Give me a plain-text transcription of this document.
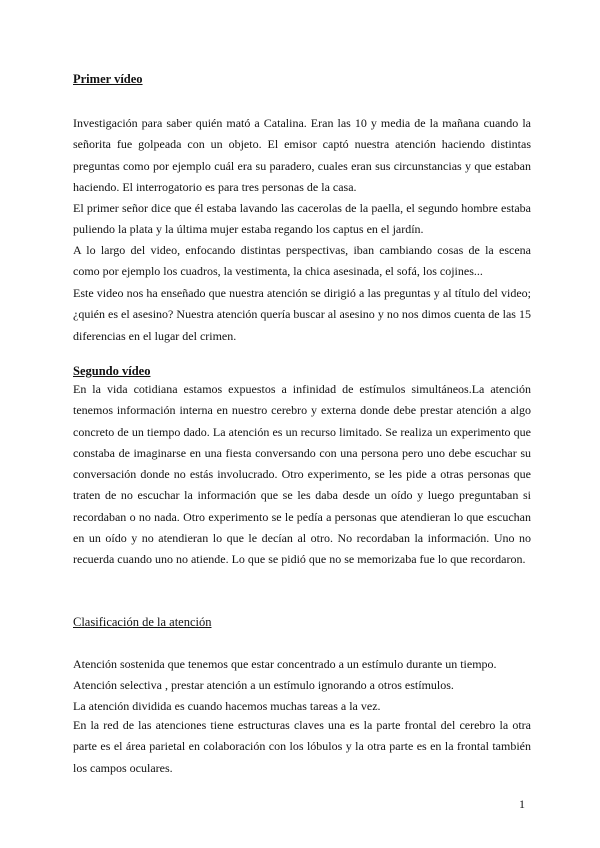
Primer vídeo
Investigación para saber quién mató a Catalina. Eran las 10 y media de la mañana cuando la señorita fue golpeada con un objeto. El emisor captó nuestra atención haciendo distintas preguntas como por ejemplo cuál era su paradero, cuales eran sus circunstancias y que estaban haciendo. El interrogatorio es para tres personas de la casa.
El primer señor dice que él estaba lavando las cacerolas de la paella, el segundo hombre estaba puliendo la plata y la última mujer estaba regando los captus en el jardín.
A lo largo del video, enfocando distintas perspectivas, iban cambiando cosas de la escena como por ejemplo los cuadros, la vestimenta, la chica asesinada, el sofá, los cojines...
Este video nos ha enseñado que nuestra atención se dirigió a las preguntas y al título del video; ¿quién es el asesino? Nuestra atención quería buscar al asesino y no nos dimos cuenta de las 15 diferencias en el lugar del crimen.
Segundo vídeo
En la vida cotidiana estamos expuestos a infinidad de estímulos simultáneos.La atención tenemos información interna en nuestro cerebro y externa donde debe prestar atención a algo concreto de un tiempo dado. La atención es un recurso limitado. Se realiza un experimento que constaba de imaginarse en una fiesta conversando con una persona pero uno debe escuchar su conversación donde no estás involucrado. Otro experimento, se les pide a otras personas que traten de no escuchar la información que se les daba desde un oído y luego preguntaban si recordaban o no nada. Otro experimento se le pedía a personas que atendieran lo que escuchan en un oído y no atendieran lo que le decían al otro. No recordaban la información. Uno no recuerda cuando uno no atiende. Lo que se pidió que no se memorizaba fue lo que recordaron.
Clasificación de la atención
Atención sostenida que tenemos que estar concentrado a un estímulo durante un tiempo.
Atención selectiva , prestar atención a un estímulo ignorando a otros estímulos.
La atención dividida es cuando hacemos muchas tareas a la vez.
En la red de las atenciones tiene estructuras claves una es la parte frontal del cerebro la otra parte es el área parietal en colaboración con los lóbulos y la otra parte es en la frontal también los campos oculares.
1
